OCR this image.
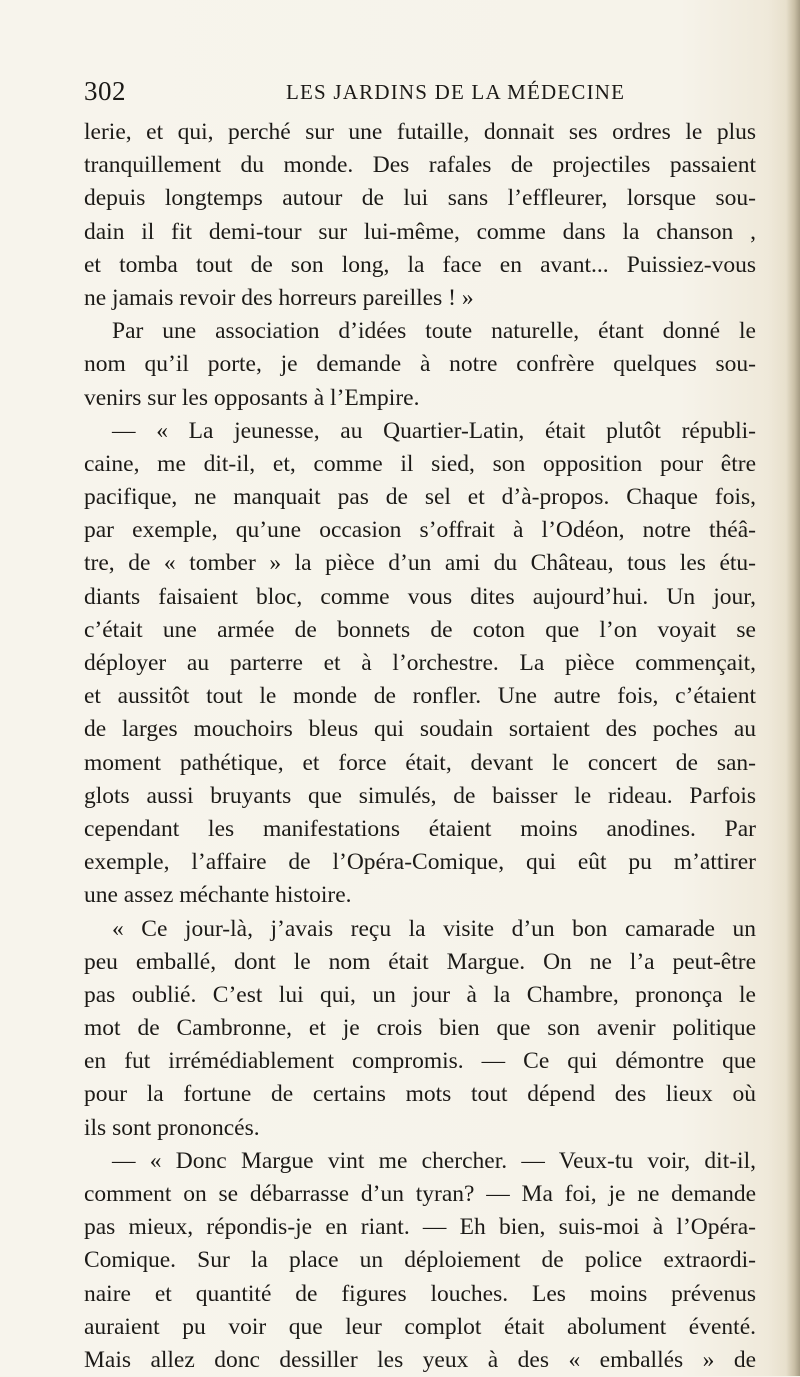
302	LES JARDINS DE LA MÉDECINE
lerie, et qui, perché sur une futaille, donnait ses ordres le plus
tranquillement du monde. Des rafales de projectiles passaient
depuis longtemps autour de lui sans l’effleurer, lorsque sou-
dain il fit demi-tour sur lui-même, comme dans la chanson ,
et tomba tout de son long, la face en avant... Puissiez-vous
ne jamais revoir des horreurs pareilles ! »
Par une association d’idées toute naturelle, étant donné le
nom qu’il porte, je demande à notre confrère quelques sou-
venirs sur les opposants à l’Empire.
— « La jeunesse, au Quartier-Latin, était plutôt républi-
caine, me dit-il, et, comme il sied, son opposition pour être
pacifique, ne manquait pas de sel et d’à-propos. Chaque fois,
par exemple, qu’une occasion s’offrait à l’Odéon, notre théâ-
tre, de « tomber » la pièce d’un ami du Château, tous les étu-
diants faisaient bloc, comme vous dites aujourd’hui. Un jour,
c’était une armée de bonnets de coton que l’on voyait se
déployer au parterre et à l’orchestre. La pièce commençait,
et aussitôt tout le monde de ronfler. Une autre fois, c’étaient
de larges mouchoirs bleus qui soudain sortaient des poches au
moment pathétique, et force était, devant le concert de san-
glots aussi bruyants que simulés, de baisser le rideau. Parfois
cependant les manifestations étaient moins anodines. Par
exemple, l’affaire de l’Opéra-Comique, qui eût pu m’attirer
une assez méchante histoire.
« Ce jour-là, j’avais reçu la visite d’un bon camarade un
peu emballé, dont le nom était Margue. On ne l’a peut-être
pas oublié. C’est lui qui, un jour à la Chambre, prononça le
mot de Cambronne, et je crois bien que son avenir politique
en fut irrémédiablement compromis. — Ce qui démontre que
pour la fortune de certains mots tout dépend des lieux où
ils sont prononcés.
— « Donc Margue vint me chercher. — Veux-tu voir, dit-il,
comment on se débarrasse d’un tyran? — Ma foi, je ne demande
pas mieux, répondis-je en riant. — Eh bien, suis-moi à l’Opéra-
Comique. Sur la place un déploiement de police extraordi-
naire et quantité de figures louches. Les moins prévenus
auraient pu voir que leur complot était abolument éventé.
Mais allez donc dessiller les yeux à des « emballés » de
